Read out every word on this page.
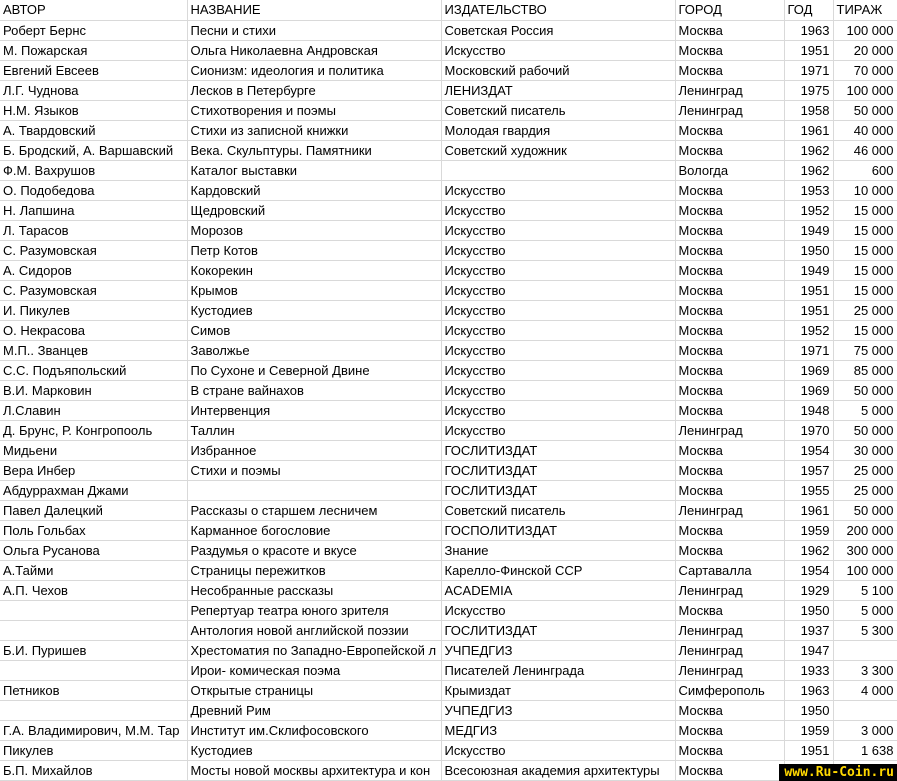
АВТОР	НАЗВАНИЕ	ИЗДАТЕЛЬСТВО	ГОРОД	ГОД	ТИРАЖ
Роберт Бернс	Песни и стихи	Советская Россия	Москва	1963	100 000
М. Пожарская	Ольга Николаевна Андровская	Искусство	Москва	1951	20 000
Евгений Евсеев	Сионизм: идеология и политика	Московский рабочий	Москва	1971	70 000
Л.Г. Чуднова	Лесков в Петербурге	ЛЕНИЗДАТ	Ленинград	1975	100 000
Н.М. Языков	Стихотворения и поэмы	Советский писатель	Ленинград	1958	50 000
А. Твардовский	Стихи из записной книжки	Молодая гвардия	Москва	1961	40 000
Б. Бродский, А. Варшавский	Века. Скульптуры. Памятники	Советский художник	Москва	1962	46 000
Ф.М. Вахрушов	Каталог выставки		Вологда	1962	600
О. Подобедова	Кардовский	Искусство	Москва	1953	10 000
Н. Лапшина	Щедровский	Искусство	Москва	1952	15 000
Л. Тарасов	Морозов	Искусство	Москва	1949	15 000
С. Разумовская	Петр Котов	Искусство	Москва	1950	15 000
А. Сидоров	Кокорекин	Искусство	Москва	1949	15 000
С. Разумовская	Крымов	Искусство	Москва	1951	15 000
И. Пикулев	Кустодиев	Искусство	Москва	1951	25 000
О. Некрасова	Симов	Искусство	Москва	1952	15 000
М.П.. Званцев	Заволжье	Искусство	Москва	1971	75 000
С.С. Подъяпольский	По Сухоне и Северной Двине	Искусство	Москва	1969	85 000
В.И. Марковин	В стране вайнахов	Искусство	Москва	1969	50 000
Л.Славин	Интервенция	Искусство	Москва	1948	5 000
Д. Брунс, Р. Конгропооль	Таллин	Искусство	Ленинград	1970	50 000
Мидьени	Избранное	ГОСЛИТИЗДАТ	Москва	1954	30 000
Вера Инбер	Стихи и поэмы	ГОСЛИТИЗДАТ	Москва	1957	25 000
Абдуррахман Джами		ГОСЛИТИЗДАТ	Москва	1955	25 000
Павел Далецкий	Рассказы о старшем лесничем	Советский писатель	Ленинград	1961	50 000
Поль Гольбах	Карманное богословие	ГОСПОЛИТИЗДАТ	Москва	1959	200 000
Ольга Русанова	Раздумья о красоте и вкусе	Знание	Москва	1962	300 000
А.Тайми	Страницы пережитков	Карелло-Финской ССР	Сартавалла	1954	100 000
А.П. Чехов	Несобранные рассказы	ACADEMIA	Ленинград	1929	5 100
	Репертуар театра юного зрителя	Искусство	Москва	1950	5 000
	Антология новой английской поэзии	ГОСЛИТИЗДАТ	Ленинград	1937	5 300
Б.И. Пуришев	Хрестоматия по Западно-Европейской л	УЧПЕДГИЗ	Ленинград	1947	
	Ирои- комическая поэма	Писателей Ленинграда	Ленинград	1933	3 300
Петников	Открытые страницы	Крымиздат	Симферополь	1963	4 000
	Древний Рим	УЧПЕДГИЗ	Москва	1950	
Г.А. Владимирович, М.М. Тар	Институт им.Склифосовского	МЕДГИЗ	Москва	1959	3 000
Пикулев	Кустодиев	Искусство	Москва	1951	1 638
Б.П. Михайлов	Мосты новой москвы архитектура и кон	Всесоюзная академия архитектуры	Москва			www.Ru-Coin.ru
